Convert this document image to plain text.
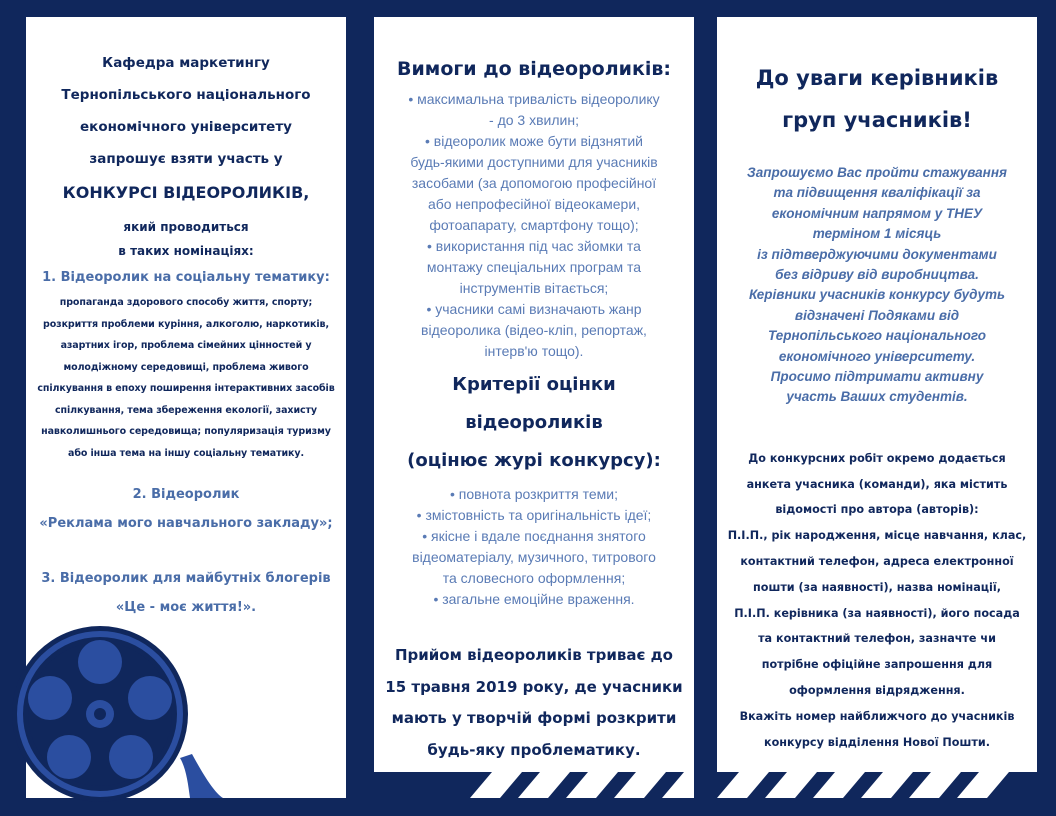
Кафедра маркетингу

Тернопільського національного

економічного університету

запрошує взяти участь у

КОНКУРСІ ВІДЕОРОЛИКІВ,

який проводиться

в таких номінаціях:

1. Відеоролик на соціальну тематику:

пропаганда здорового способу життя, спорту;

розкриття проблеми куріння, алкоголю, наркотиків,

азартних ігор, проблема сімейних цінностей у

молодіжному середовищі, проблема живого

спілкування в епоху поширення інтерактивних засобів

спілкування, тема збереження екології, захисту

навколишнього середовища; популяризація туризму

або інша тема на іншу соціальну тематику.

2. Відеоролик

«Реклама мого навчального закладу»;

3. Відеоролик для майбутніх блогерів

«Це - моє життя!».

Вимоги до відеороликів:

• максимальна тривалість відеоролику

- до 3 хвилин;

• відеоролик може бути відзнятий

будь-якими доступними для учасників

засобами (за допомогою професійної

або непрофесійної відеокамери,

фотоапарату, смартфону тощо);

• використання під час зйомки та

монтажу спеціальних програм та

інструментів вітається;

• учасники самі визначають жанр

відеоролика (відео-кліп, репортаж,

інтерв'ю тощо).

Критерії оцінки відеороликів

(оцінює журі конкурсу):

• повнота розкриття теми;

• змістовність та оригінальність ідеї;

• якісне і вдале поєднання знятого

відеоматеріалу, музичного, титрового

та словесного оформлення;

• загальне емоційне враження.

Прийом відеороликів триває до

15 травня 2019 року, де учасники

мають у творчій формі розкрити

будь-яку проблематику.

До уваги керівників

груп учасників!

Запрошуємо Вас пройти стажування

та підвищення кваліфікації за

економічним напрямом у ТНЕУ

терміном 1 місяць

із підтверджуючими документами

без відриву від виробництва.

Керівники учасників конкурсу будуть

відзначені Подяками від

Тернопільського національного

економічного університету.

Просимо підтримати активну

участь Ваших студентів.

До конкурсних робіт окремо додається

анкета учасника (команди), яка містить

відомості про автора (авторів):

П.І.П., рік народження, місце навчання, клас,

контактний телефон, адреса електронної

пошти (за наявності), назва номінації,

П.І.П. керівника (за наявності), його посада

та контактний телефон, зазначте чи

потрібне офіційне запрошення для

оформлення відрядження.

Вкажіть номер найближчого до учасників

конкурсу відділення Нової Пошти.
